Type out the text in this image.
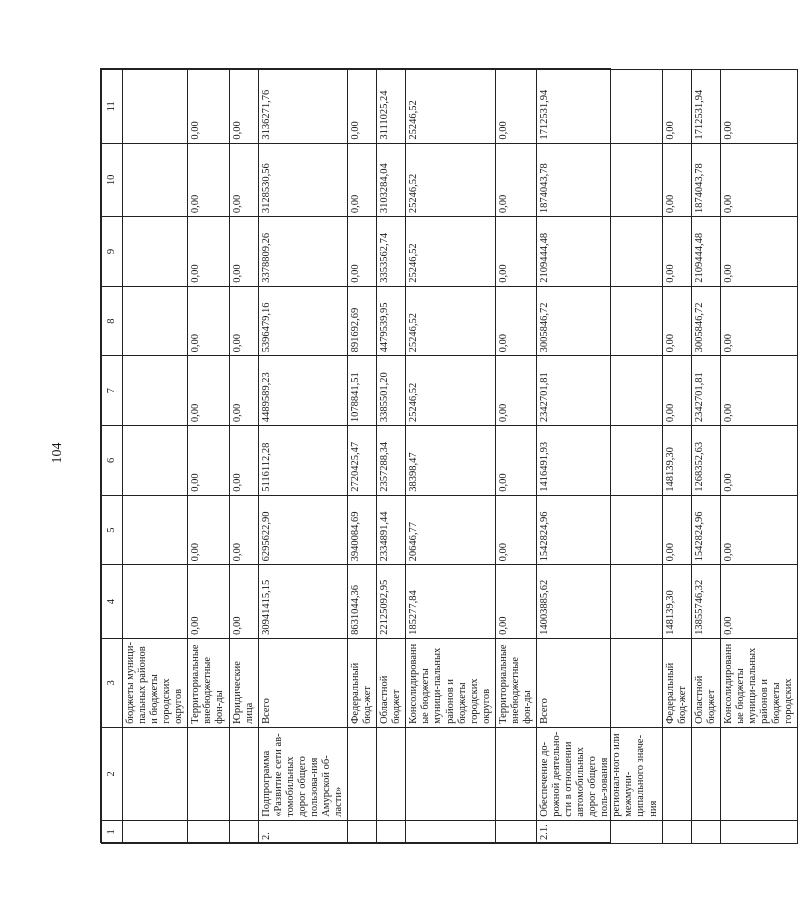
104
1	2	3	4	5	6	7	8	9	10	11
		бюджеты муници-пальных районов и бюджеты городских округов								
		Территориальные внебюджетные фон-ды	0,00	0,00	0,00	0,00	0,00	0,00	0,00	0,00
		Юридические лица	0,00	0,00	0,00	0,00	0,00	0,00	0,00	0,00
2.	Подпрограмма «Развитие сети ав-томобильных дорог общего пользова-ния Амурской об-ласти»	Всего	30941415,15	6295622,90	5116112,28	4489589,23	5396479,16	3378809,26	3128530,56	3136271,76
		Федеральный бюд-жет	8631044,36	3940084,69	2720425,47	1078841,51	891692,69	0,00	0,00	0,00
		Областной бюджет	22125092,95	2334891,44	2357288,34	3385501,20	4479539,95	3353562,74	3103284,04	3111025,24
		Консолидированные бюджеты муници-пальных районов и бюджеты городских округов	185277,84	20646,77	38398,47	25246,52	25246,52	25246,52	25246,52	25246,52
		Территориальные внебюджетные фон-ды	0,00	0,00	0,00	0,00	0,00	0,00	0,00	0,00
2.1.	Обеспечение до-рожной деятельно-сти в отношении автомобильных дорог общего поль-зования регионал-ного или межмуни-ципального значе-ния	Всего	14003885,62	1542824,96	1416491,93	2342701,81	3005846,72	2109444,48	1874043,78	1712531,94
		Федеральный бюд-жет	148139,30	0,00	148139,30	0,00	0,00	0,00	0,00	0,00
		Областной бюджет	13855746,32	1542824,96	1268352,63	2342701,81	3005846,72	2109444,48	1874043,78	1712531,94
		Консолидированные бюджеты муници-пальных районов и бюджеты городских	0,00	0,00	0,00	0,00	0,00	0,00	0,00	0,00
